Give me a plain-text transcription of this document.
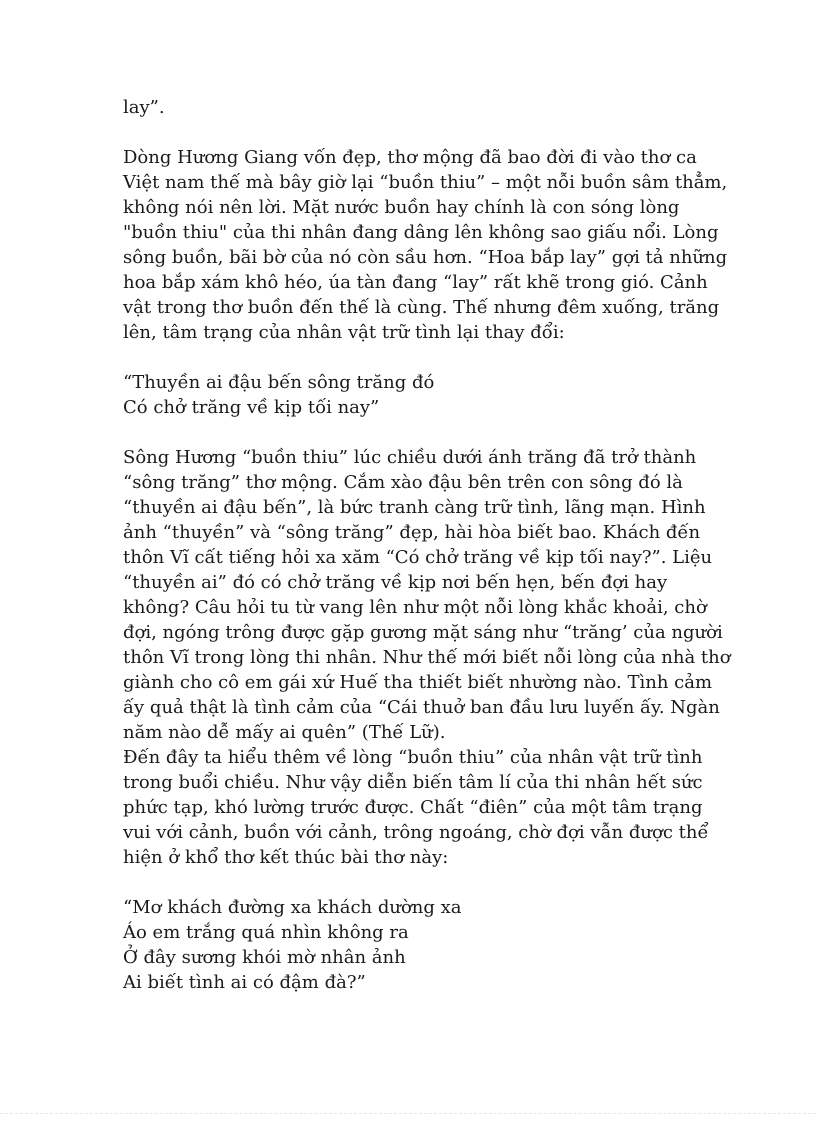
lay”.
Dòng Hương Giang vốn đẹp, thơ mộng đã bao đời đi vào thơ ca
Việt nam thế mà bây giờ lại “buồn thiu” – một nỗi buồn sâm thẳm,
không nói nên lời. Mặt nước buồn hay chính là con sóng lòng
"buồn thiu" của thi nhân đang dâng lên không sao giấu nổi. Lòng
sông buồn, bãi bờ của nó còn sầu hơn. “Hoa bắp lay” gợi tả những
hoa bắp xám khô héo, úa tàn đang “lay” rất khẽ trong gió. Cảnh
vật trong thơ buồn đến thế là cùng. Thế nhưng đêm xuống, trăng
lên, tâm trạng của nhân vật trữ tình lại thay đổi:
“Thuyền ai đậu bến sông trăng đó
Có chở trăng về kịp tối nay”
Sông Hương “buồn thiu” lúc chiều dưới ánh trăng đã trở thành
“sông trăng” thơ mộng. Cắm xào đậu bên trên con sông đó là
“thuyền ai đậu bến”, là bức tranh càng trữ tình, lãng mạn. Hình
ảnh “thuyền” và “sông trăng” đẹp, hài hòa biết bao. Khách đến
thôn Vĩ cất tiếng hỏi xa xăm “Có chở trăng về kịp tối nay?”. Liệu
“thuyền ai” đó có chở trăng về kịp nơi bến hẹn, bến đợi hay
không? Câu hỏi tu từ vang lên như một nỗi lòng khắc khoải, chờ
đợi, ngóng trông được gặp gương mặt sáng như “trăng’ của người
thôn Vĩ trong lòng thi nhân. Như thế mới biết nỗi lòng của nhà thơ
giành cho cô em gái xứ Huế tha thiết biết nhường nào. Tình cảm
ấy quả thật là tình cảm của “Cái thuở ban đầu lưu luyến ấy. Ngàn
năm nào dễ mấy ai quên” (Thế Lữ).
Đến đây ta hiểu thêm về lòng “buồn thiu” của nhân vật trữ tình
trong buổi chiều. Như vậy diễn biến tâm lí của thi nhân hết sức
phức tạp, khó lường trước được. Chất “điên” của một tâm trạng
vui với cảnh, buồn với cảnh, trông ngoáng, chờ đợi vẫn được thể
hiện ở khổ thơ kết thúc bài thơ này:
“Mơ khách đường xa khách dường xa
Áo em trắng quá nhìn không ra
Ở đây sương khói mờ nhân ảnh
Ai biết tình ai có đậm đà?”
